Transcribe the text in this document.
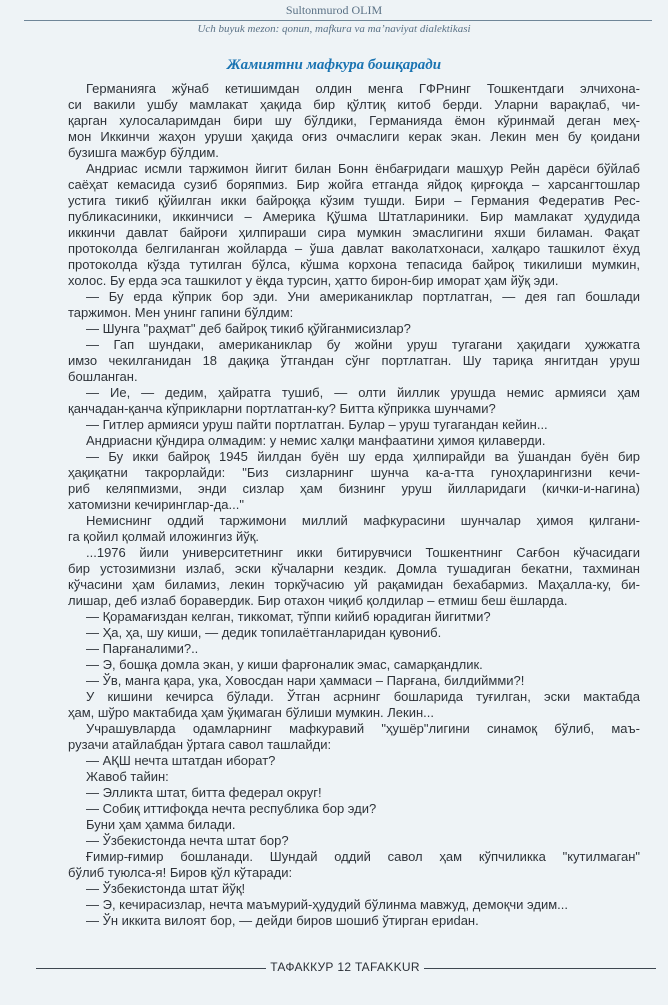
Sultonmurod OLIM
Uch buyuk mezon: qonun, mafkura va ma’naviyat dialektikasi
Жамиятни мафкура бошқаради

Германияга жўнаб кетишимдан олдин менга ГФРнинг Тошкентдаги элчихона-

си вакили ушбу мамлакат ҳақида бир қўлтиқ китоб берди. Уларни варақлаб, чи-

қарган хулосаларимдан бири шу бўлдики, Германияда ёмон кўринмай деган меҳ-

мон Иккинчи жаҳон уруши ҳақида оғиз очмаслиги керак экан. Лекин мен бу қоидани

бузишга мажбур бўлдим.

Андриас исмли таржимон йигит билан Бонн ёнбағридаги машҳур Рейн дарёси бўйлаб

саёҳат кемасида сузиб боряпмиз. Бир жойга етганда яйдоқ қирғоқда – харсангтошлар

устига тикиб қўйилган икки байроққа кўзим тушди. Бири – Германия Федератив Рес-

публикасиники, иккинчиси – Америка Қўшма Штатлариники. Бир мамлакат ҳудудида

иккинчи давлат байроғи ҳилпираши сира мумкин эмаслигини яхши биламан. Фақат

протоколда белгиланган жойларда – ўша давлат ваколатхонаси, халқаро ташкилот ёхуд

протоколда кўзда тутилган бўлса, кўшма корхона тепасида байроқ тикилиши мумкин,

холос. Бу ерда эса ташкилот у ёқда турсин, ҳатто бирон-бир иморат ҳам йўқ эди.

— Бу ерда кўприк бор эди. Уни американиклар портлатган, — дея гап бошлади

таржимон. Мен унинг гапини бўлдим:

— Шунга "раҳмат" деб байроқ тикиб қўйганмисизлар?

— Гап шундаки, американиклар бу жойни уруш тугагани ҳақидаги ҳужжатга

имзо чекилганидан 18 дақиқа ўтгандан сўнг портлатган. Шу тариқа янгитдан уруш

бошланган.

— Ие, — дедим, ҳайратга тушиб, — олти йиллик урушда немис армияси ҳам

қанчадан-қанча кўприкларни портлатган-ку? Битта кўприкка шунчами?

— Гитлер армияси уруш пайти портлатган. Булар – уруш тугагандан кейин...

Андриасни қўндира олмадим: у немис халқи манфаатини ҳимоя қилаверди.

— Бу икки байроқ 1945 йилдан буён шу ерда ҳилпирайди ва ўшандан буён бир

ҳақиқатни такрорлайди: "Биз сизларнинг шунча ка-а-тта гуноҳларингизни кечи-

риб келяпмизми, энди сизлар ҳам бизнинг уруш йилларидаги (кички-и-нагина)

хатомизни кечиринглар-да..."

Немиснинг оддий таржимони миллий мафкурасини шунчалар ҳимоя қилгани-

га қойил қолмай иложингиз йўқ.

...1976 йили университетнинг икки битирувчиси Тошкентнинг Сағбон кўчасидаги

бир устозимизни излаб, эски кўчаларни кездик. Домла тушадиган бекатни, тахминан

кўчасини ҳам биламиз, лекин торкўчасию уй рақамидан бехабармиз. Маҳалла-ку, би-

лишар, деб излаб боравердик. Бир отахон чиқиб қолдилар – етмиш беш ёшларда.

— Қорамағиздан келган, тиккомат, тўппи кийиб юрадиган йигитми?

— Ҳа, ҳа, шу киши, — дедик топилаётганларидан қувониб.

— Парғаналими?..

— Э, бошқа домла экан, у киши фарғоналик эмас, самарқандлик.

— Ўв, манга қара, ука, Ховосдан нари ҳаммаси – Парғана, билдиймми?!

У кишини кечирса бўлади. Ўтган асрнинг бошларида туғилган, эски мактабда

ҳам, шўро мактабида ҳам ўқимаган бўлиши мумкин. Лекин...

Учрашувларда одамларнинг мафкуравий "ҳушёр"лигини синамоқ бўлиб, маъ-

рузачи атайлабдан ўртага савол ташлайди:

— АҚШ нечта штатдан иборат?

Жавоб тайин:

— Элликта штат, битта федерал округ!

— Собиқ иттифоқда нечта республика бор эди?

Буни ҳам ҳамма билади.

— Ўзбекистонда нечта штат бор?

Ғимир-ғимир бошланади. Шундай оддий савол ҳам кўпчиликка "кутилмаган"

бўлиб туюлса-я! Биров қўл кўтаради:

— Ўзбекистонда штат йўқ!

— Э, кечирасизлар, нечта маъмурий-ҳудудий бўлинма мавжуд, демоқчи эдим...

— Ўн иккита вилоят бор, — дейди биров шошиб ўтирган ериdан.

ТАФАККУР 12 TAFAKKUR
